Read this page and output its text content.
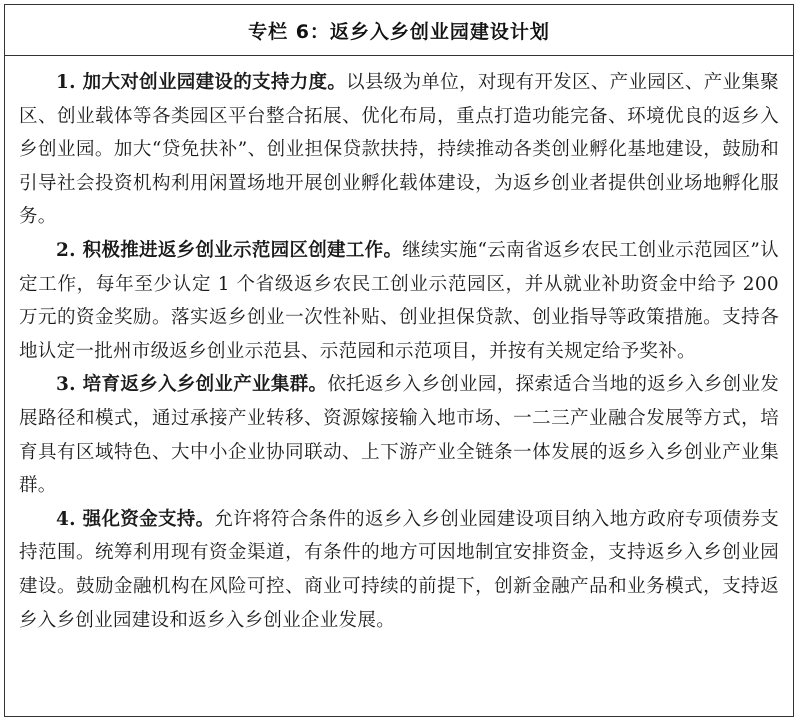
专栏 6：返乡入乡创业园建设计划

1. 加大对创业园建设的支持力度。以县级为单位，对现有开发区、产业园区、产业集聚区、创业载体等各类园区平台整合拓展、优化布局，重点打造功能完备、环境优良的返乡入乡创业园。加大“贷免扶补”、创业担保贷款扶持，持续推动各类创业孵化基地建设，鼓励和引导社会投资机构利用闲置场地开展创业孵化载体建设，为返乡创业者提供创业场地孵化服务。

2. 积极推进返乡创业示范园区创建工作。继续实施“云南省返乡农民工创业示范园区”认定工作，每年至少认定 1 个省级返乡农民工创业示范园区，并从就业补助资金中给予 200 万元的资金奖励。落实返乡创业一次性补贴、创业担保贷款、创业指导等政策措施。支持各地认定一批州市级返乡创业示范县、示范园和示范项目，并按有关规定给予奖补。

3. 培育返乡入乡创业产业集群。依托返乡入乡创业园，探索适合当地的返乡入乡创业发展路径和模式，通过承接产业转移、资源嫁接输入地市场、一二三产业融合发展等方式，培育具有区域特色、大中小企业协同联动、上下游产业全链条一体发展的返乡入乡创业产业集群。

4. 强化资金支持。允许将符合条件的返乡入乡创业园建设项目纳入地方政府专项债券支持范围。统筹利用现有资金渠道，有条件的地方可因地制宜安排资金，支持返乡入乡创业园建设。鼓励金融机构在风险可控、商业可持续的前提下，创新金融产品和业务模式，支持返乡入乡创业园建设和返乡入乡创业企业发展。
